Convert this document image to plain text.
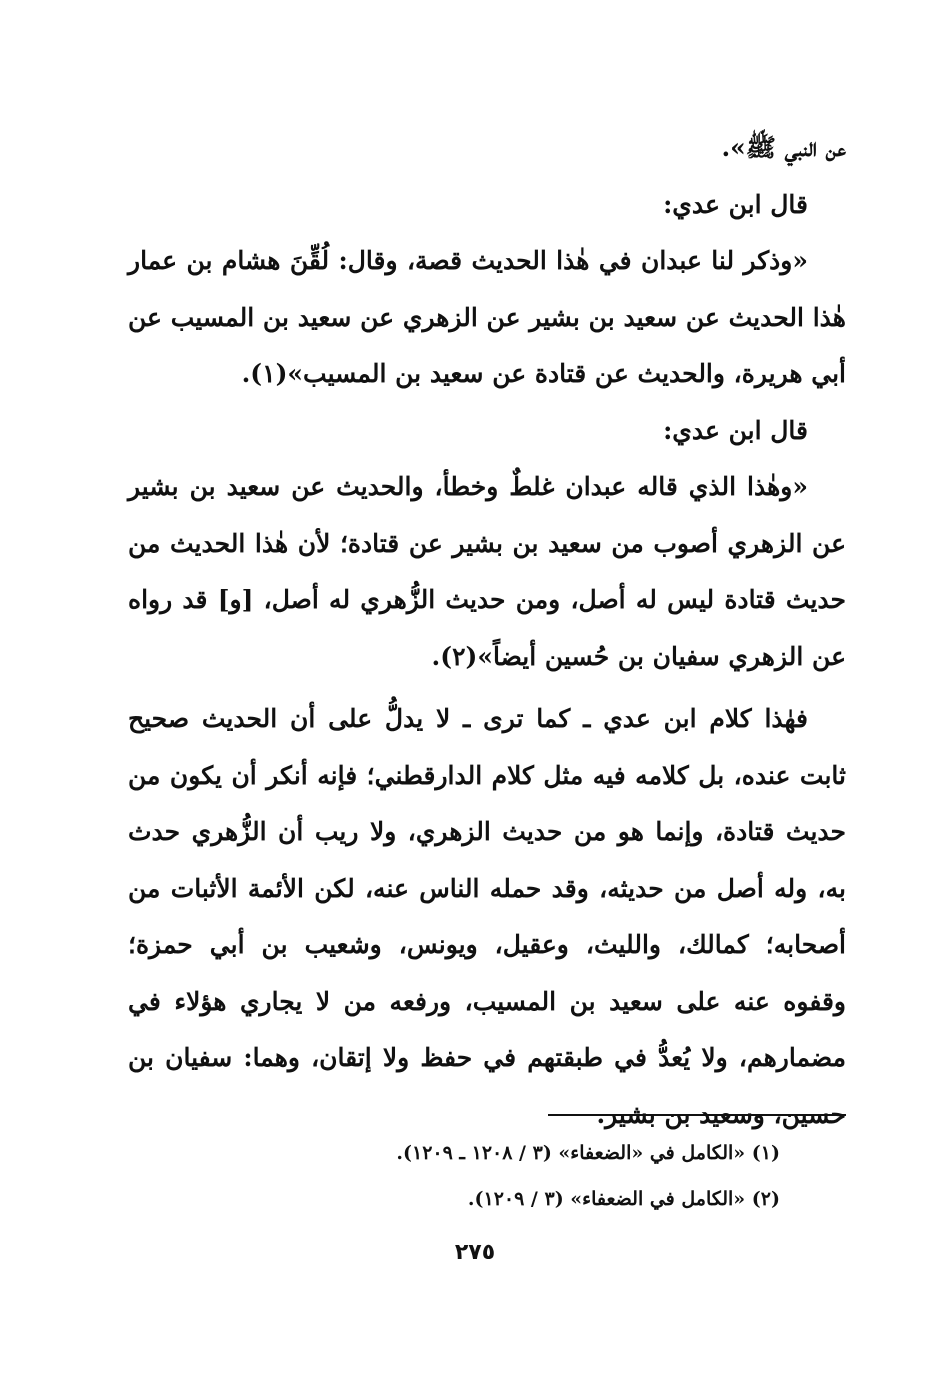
عن النبي ﷺ».

قال ابن عدي:

«وذكر لنا عبدان في هٰذا الحديث قصة، وقال: لُقِّنَ هشام بن عمار هٰذا الحديث عن سعيد بن بشير عن الزهري عن سعيد بن المسيب عن أبي هريرة، والحديث عن قتادة عن سعيد بن المسيب»(١).

قال ابن عدي:

«وهٰذا الذي قاله عبدان غلطٌ وخطأ، والحديث عن سعيد بن بشير عن الزهري أصوب من سعيد بن بشير عن قتادة؛ لأن هٰذا الحديث من حديث قتادة ليس له أصل، ومن حديث الزُّهري له أصل، [و] قد رواه عن الزهري سفيان بن حُسين أيضاً»(٢).

فهٰذا كلام ابن عدي ـ كما ترى ـ لا يدلُّ على أن الحديث صحيح ثابت عنده، بل كلامه فيه مثل كلام الدارقطني؛ فإنه أنكر أن يكون من حديث قتادة، وإنما هو من حديث الزهري، ولا ريب أن الزُّهري حدث به، وله أصل من حديثه، وقد حمله الناس عنه، لكن الأئمة الأثبات من أصحابه؛ كمالك، والليث، وعقيل، ويونس، وشعيب بن أبي حمزة؛ وقفوه عنه على سعيد بن المسيب، ورفعه من لا يجاري هؤلاء في مضمارهم، ولا يُعدُّ في طبقتهم في حفظ ولا إتقان، وهما: سفيان بن حسين، وسعيد بن بشير.

(١) «الكامل في «الضعفاء» (٣ / ١٢٠٨ ـ ١٢٠٩).

(٢) «الكامل في الضعفاء» (٣ / ١٢٠٩).

٢٧٥
